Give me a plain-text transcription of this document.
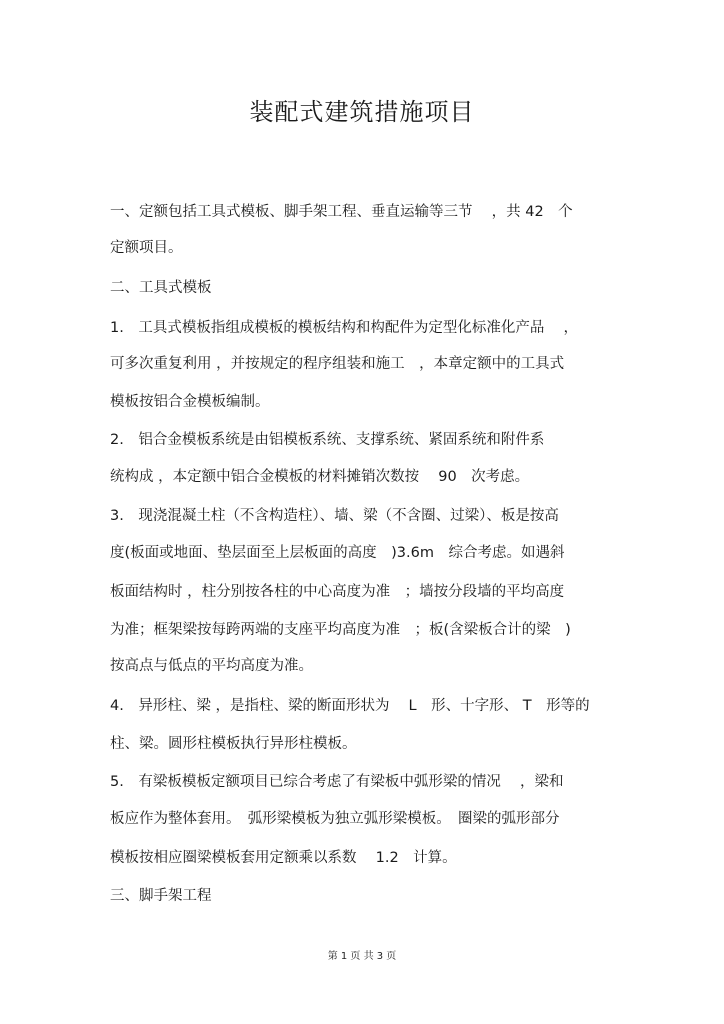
装配式建筑措施项目

一、定额包括工具式模板、脚手架工程、垂直运输等三节　 ，共 42　个

定额项目。

二、工具式模板

1.　工具式模板指组成模板的模板结构和构配件为定型化标准化产品　 ，

可多次重复利用 ，并按规定的程序组装和施工　，本章定额中的工具式

模板按铝合金模板编制。

2.　铝合金模板系统是由铝模板系统、支撑系统、紧固系统和附件系

统构成 ，本定额中铝合金模板的材料摊销次数按　 90　次考虑。

3.　现浇混凝土柱（不含构造柱）、墙、梁（不含圈、过梁）、板是按高

度(板面或地面、垫层面至上层板面的高度　)3.6m　综合考虑。如遇斜

板面结构时 ，柱分别按各柱的中心高度为准　；墙按分段墙的平均高度

为准；框架梁按每跨两端的支座平均高度为准　；板(含梁板合计的梁　)

按高点与低点的平均高度为准。

4.　异形柱、梁 ，是指柱、梁的断面形状为　 L　形、十字形、 T　形等的

柱、梁。圆形柱模板执行异形柱模板。

5.　有梁板模板定额项目已综合考虑了有梁板中弧形梁的情况　 ，梁和

板应作为整体套用。　弧形梁模板为独立弧形梁模板。　圈梁的弧形部分

模板按相应圈梁模板套用定额乘以系数　 1.2　计算。

三、脚手架工程

第 1 页 共 3 页
